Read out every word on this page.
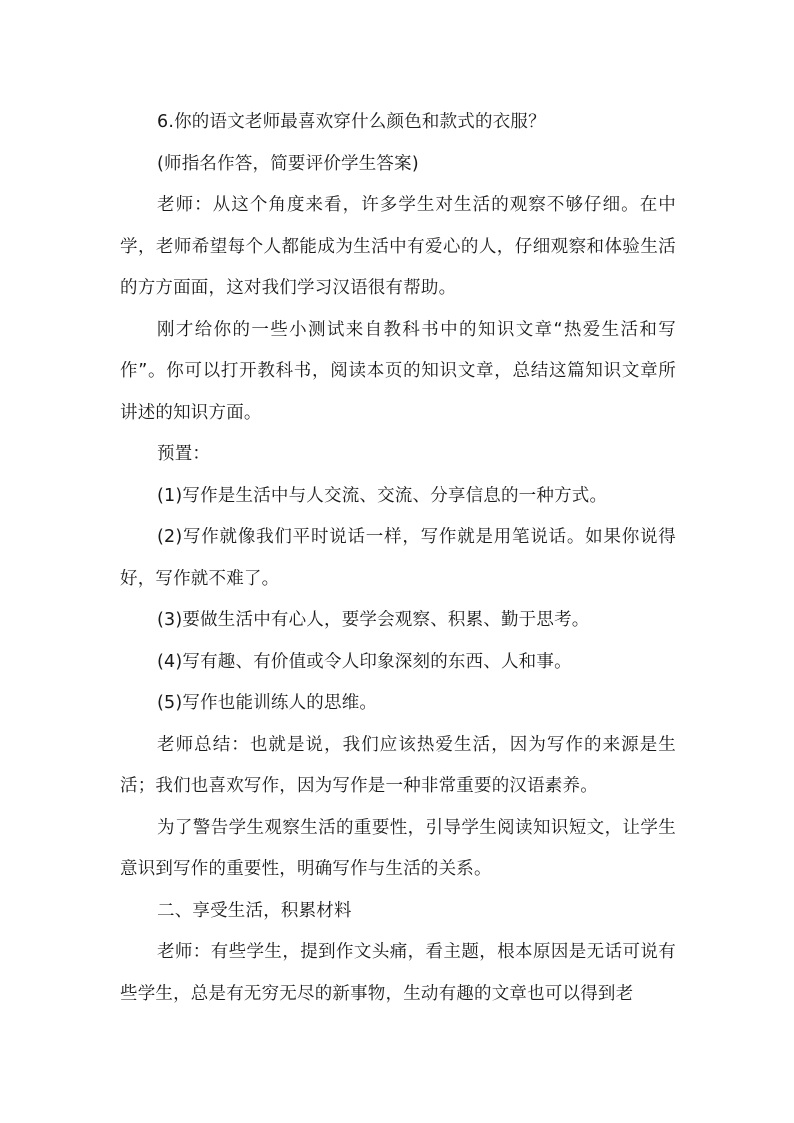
6.你的语文老师最喜欢穿什么颜色和款式的衣服？

(师指名作答，简要评价学生答案)

老师：从这个角度来看，许多学生对生活的观察不够仔细。在中学，老师希望每个人都能成为生活中有爱心的人，仔细观察和体验生活的方方面面，这对我们学习汉语很有帮助。

刚才给你的一些小测试来自教科书中的知识文章“热爱生活和写作”。你可以打开教科书，阅读本页的知识文章，总结这篇知识文章所讲述的知识方面。

预置：

(1)写作是生活中与人交流、交流、分享信息的一种方式。

(2)写作就像我们平时说话一样，写作就是用笔说话。如果你说得好，写作就不难了。

(3)要做生活中有心人，要学会观察、积累、勤于思考。

(4)写有趣、有价值或令人印象深刻的东西、人和事。

(5)写作也能训练人的思维。

老师总结：也就是说，我们应该热爱生活，因为写作的来源是生活；我们也喜欢写作，因为写作是一种非常重要的汉语素养。

为了警告学生观察生活的重要性，引导学生阅读知识短文，让学生意识到写作的重要性，明确写作与生活的关系。

二、享受生活，积累材料

老师：有些学生，提到作文头痛，看主题，根本原因是无话可说有些学生，总是有无穷无尽的新事物，生动有趣的文章也可以得到老
